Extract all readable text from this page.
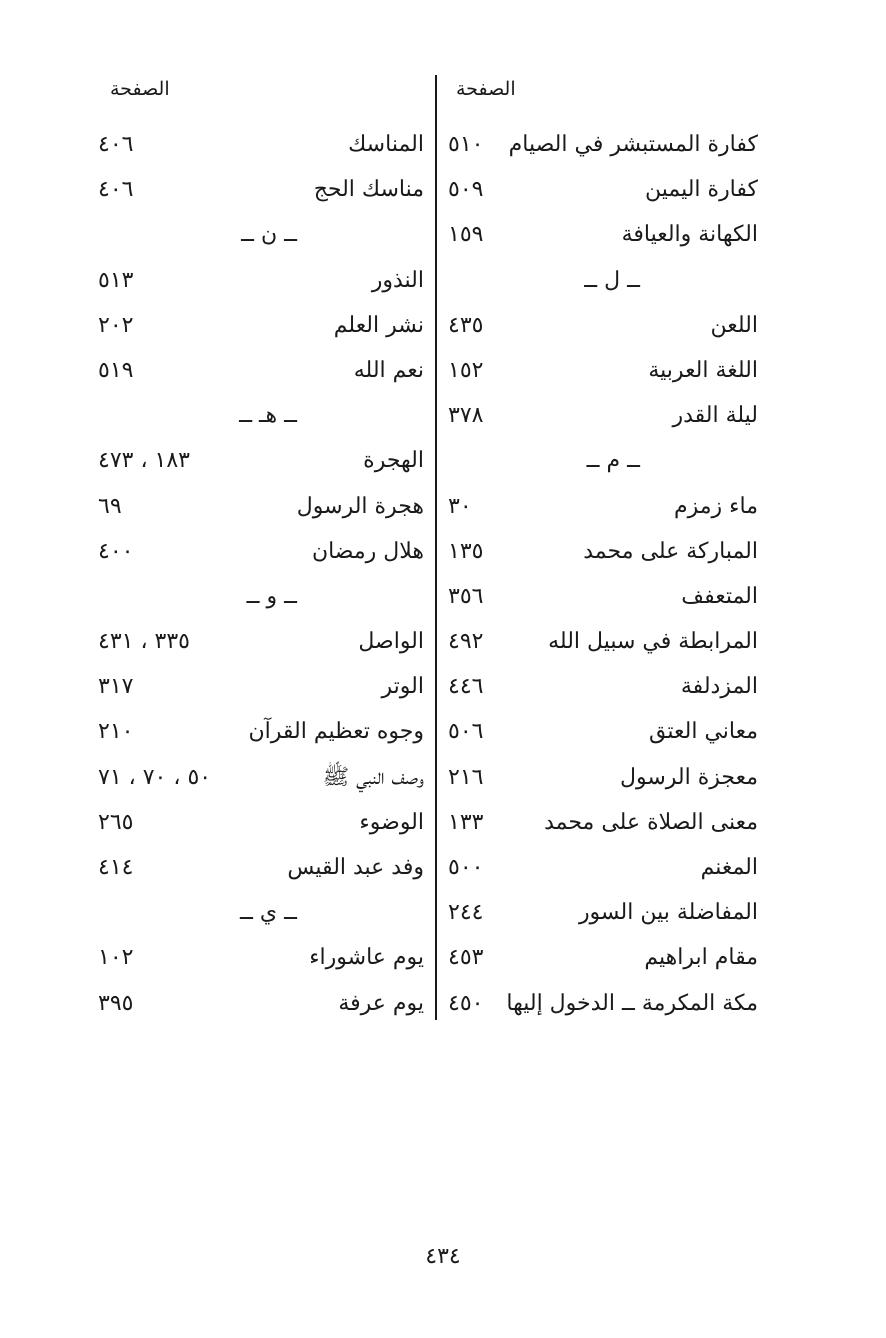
الصفحة
الصفحة
كفارة المستبشر في الصيام
٥١٠
كفارة اليمين
٥٠٩
الكهانة والعيافة
١٥٩
ــ ل ــ
اللعن
٤٣٥
اللغة العربية
١٥٢
ليلة القدر
٣٧٨
ــ م ــ
ماء زمزم
٣٠
المباركة على محمد
١٣٥
المتعفف
٣٥٦
المرابطة في سبيل الله
٤٩٢
المزدلفة
٤٤٦
معاني العتق
٥٠٦
معجزة الرسول
٢١٦
معنى الصلاة على محمد
١٣٣
المغنم
٥٠٠
المفاضلة بين السور
٢٤٤
مقام ابراهيم
٤٥٣
مكة المكرمة ــ الدخول إليها
٤٥٠
المناسك
٤٠٦
مناسك الحج
٤٠٦
ــ ن ــ
النذور
٥١٣
نشر العلم
٢٠٢
نعم الله
٥١٩
ــ هـ ــ
الهجرة
١٨٣ ، ٤٧٣
هجرة الرسول
٦٩
هلال رمضان
٤٠٠
ــ و ــ
الواصل
٣٣٥ ، ٤٣١
الوتر
٣١٧
وجوه تعظيم القرآن
٢١٠
وصف النبي ﷺ
٥٠ ، ٧٠ ، ٧١
الوضوء
٢٦٥
وفد عبد القيس
٤١٤
ــ ي ــ
يوم عاشوراء
١٠٢
يوم عرفة
٣٩٥
٤٣٤
